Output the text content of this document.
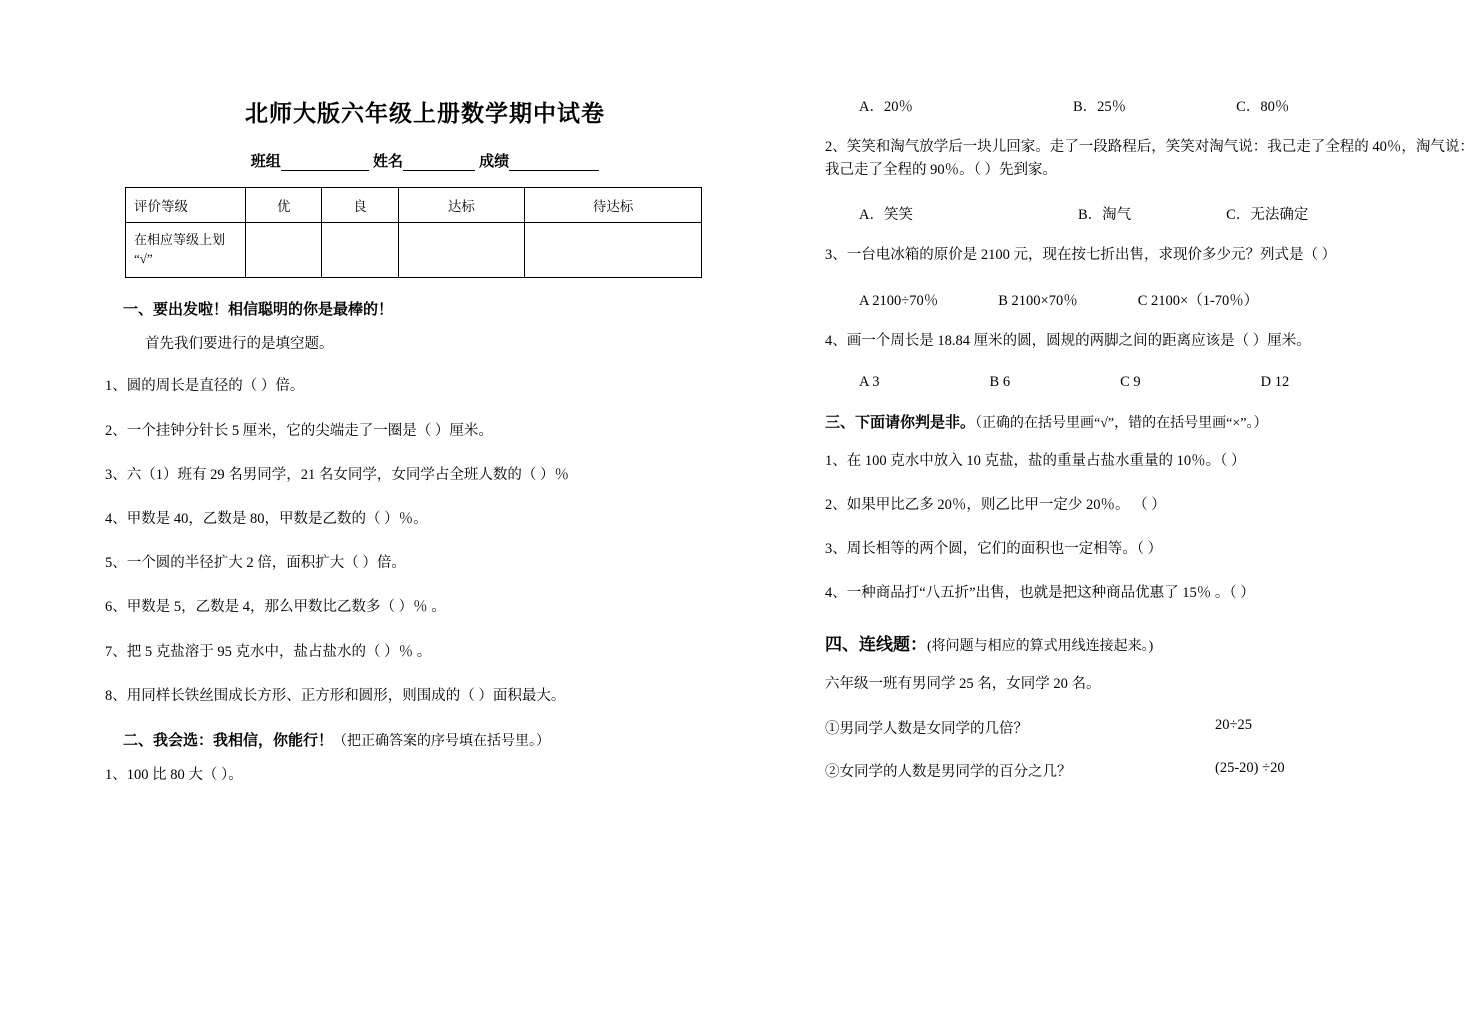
北师大版六年级上册数学期中试卷
班组	姓名	成绩
评价等级	优	良	达标	待达标
在相应等级上划“√”				
一、要出发啦！相信聪明的你是最棒的！
首先我们要进行的是填空题。
1、圆的周长是直径的（ ）倍。
2、一个挂钟分针长 5 厘米，它的尖端走了一圈是（ ）厘米。
3、六（1）班有 29 名男同学，21 名女同学，女同学占全班人数的（ ）％
4、甲数是 40，乙数是 80，甲数是乙数的（ ）％。
5、一个圆的半径扩大 2 倍，面积扩大（ ）倍。
6、甲数是 5，乙数是 4，那么甲数比乙数多（ ）％ 。
7、把 5 克盐溶于 95 克水中，盐占盐水的（ ）％ 。
8、用同样长铁丝围成长方形、正方形和圆形，则围成的（ ）面积最大。
二、我会选：我相信，你能行！（把正确答案的序号填在括号里。）
1、100 比 80 大（ ）。
A．20％	B．25％	C．80％
2、笑笑和淘气放学后一块儿回家。走了一段路程后，笑笑对淘气说：我己走了全程的 40％，淘气说：我己走了全程的 90％。（ ）先到家。
A．笑笑	B．淘气	C．无法确定
3、一台电冰箱的原价是 2100 元，现在按七折出售，求现价多少元？列式是（ ）
A 2100÷70％	B 2100×70％	C 2100×（1-70％）
4、画一个周长是 18.84 厘米的圆，圆规的两脚之间的距离应该是（ ）厘米。
A 3	B 6	C 9	D 12
三、下面请你判是非。（正确的在括号里画“√”，错的在括号里画“×”。）
1、在 100 克水中放入 10 克盐，盐的重量占盐水重量的 10％。（ ）
2、如果甲比乙多 20％，则乙比甲一定少 20％。 （ ）
3、周长相等的两个圆，它们的面积也一定相等。（ ）
4、一种商品打“八五折”出售，也就是把这种商品优惠了 15％ 。（ ）
四、连线题：(将问题与相应的算式用线连接起来。)
六年级一班有男同学 25 名，女同学 20 名。
①男同学人数是女同学的几倍？	20÷25
②女同学的人数是男同学的百分之几？	(25-20) ÷20
